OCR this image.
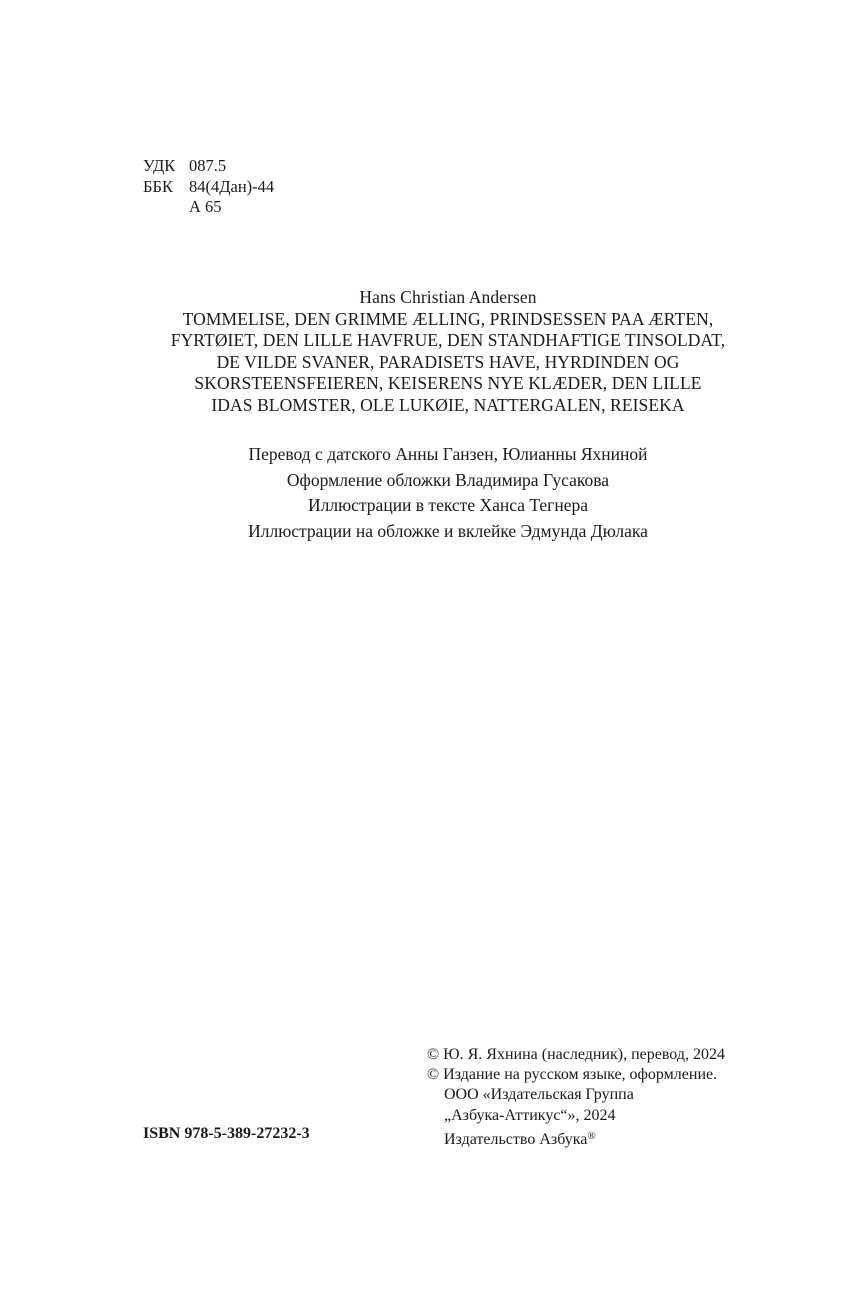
УДК 087.5
ББК 84(4Дан)-44
А 65
Hans Christian Andersen
TOMMELISE, DEN GRIMME ÆLLING, PRINDSESSEN PAA ÆRTEN,
FYRTØIET, DEN LILLE HAVFRUE, DEN STANDHAFTIGE TINSOLDAT,
DE VILDE SVANER, PARADISETS HAVE, HYRDINDEN OG
SKORSTEENSFEIEREN, KEISERENS NYE KLÆDER, DEN LILLE
IDAS BLOMSTER, OLE LUKØIE, NATTERGALEN, REISEKA
Перевод с датского Анны Ганзен, Юлианны Яхниной
Оформление обложки Владимира Гусакова
Иллюстрации в тексте Ханса Тегнера
Иллюстрации на обложке и вклейке Эдмунда Дюлака
ISBN 978-5-389-27232-3
© Ю. Я. Яхнина (наследник), перевод, 2024
© Издание на русском языке, оформление.
ООО «Издательская Группа
„Азбука-Аттикус“», 2024
Издательство Азбука®
